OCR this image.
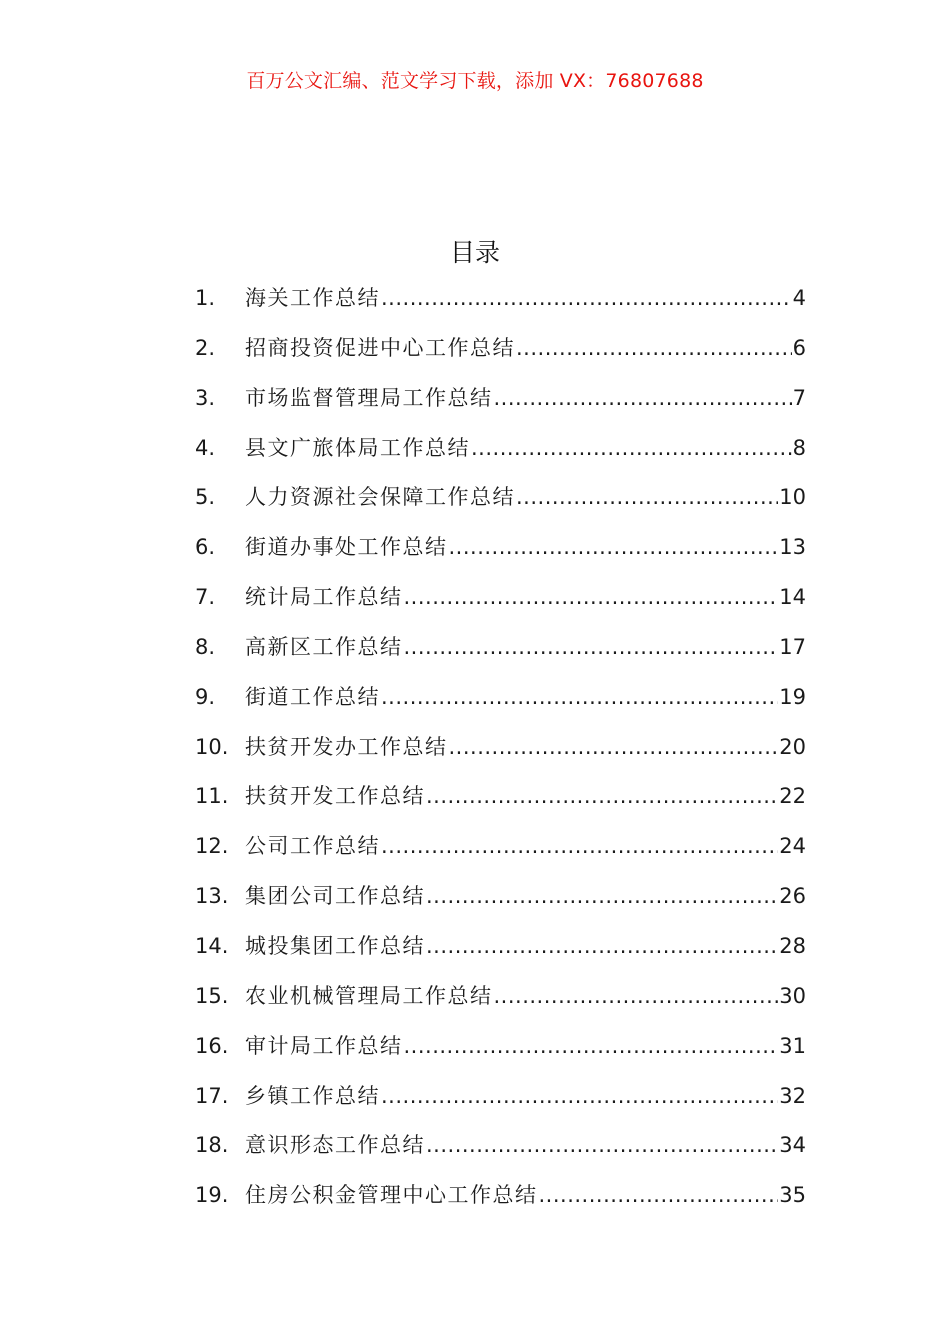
百万公文汇编、范文学习下载，添加 VX：76807688
目录
1.	海关工作总结 .....	4
2.	招商投资促进中心工作总结 .....	6
3.	市场监督管理局工作总结 .....	7
4.	县文广旅体局工作总结 .....	8
5.	人力资源社会保障工作总结 .....	10
6.	街道办事处工作总结 .....	13
7.	统计局工作总结 .....	14
8.	高新区工作总结 .....	17
9.	街道工作总结 .....	19
10. 扶贫开发办工作总结 .....	20
11. 扶贫开发工作总结 .....	22
12. 公司工作总结 .....	24
13. 集团公司工作总结 .....	26
14. 城投集团工作总结 .....	28
15. 农业机械管理局工作总结 .....	30
16. 审计局工作总结 .....	31
17. 乡镇工作总结 .....	32
18. 意识形态工作总结 .....	34
19. 住房公积金管理中心工作总结 .....	35
